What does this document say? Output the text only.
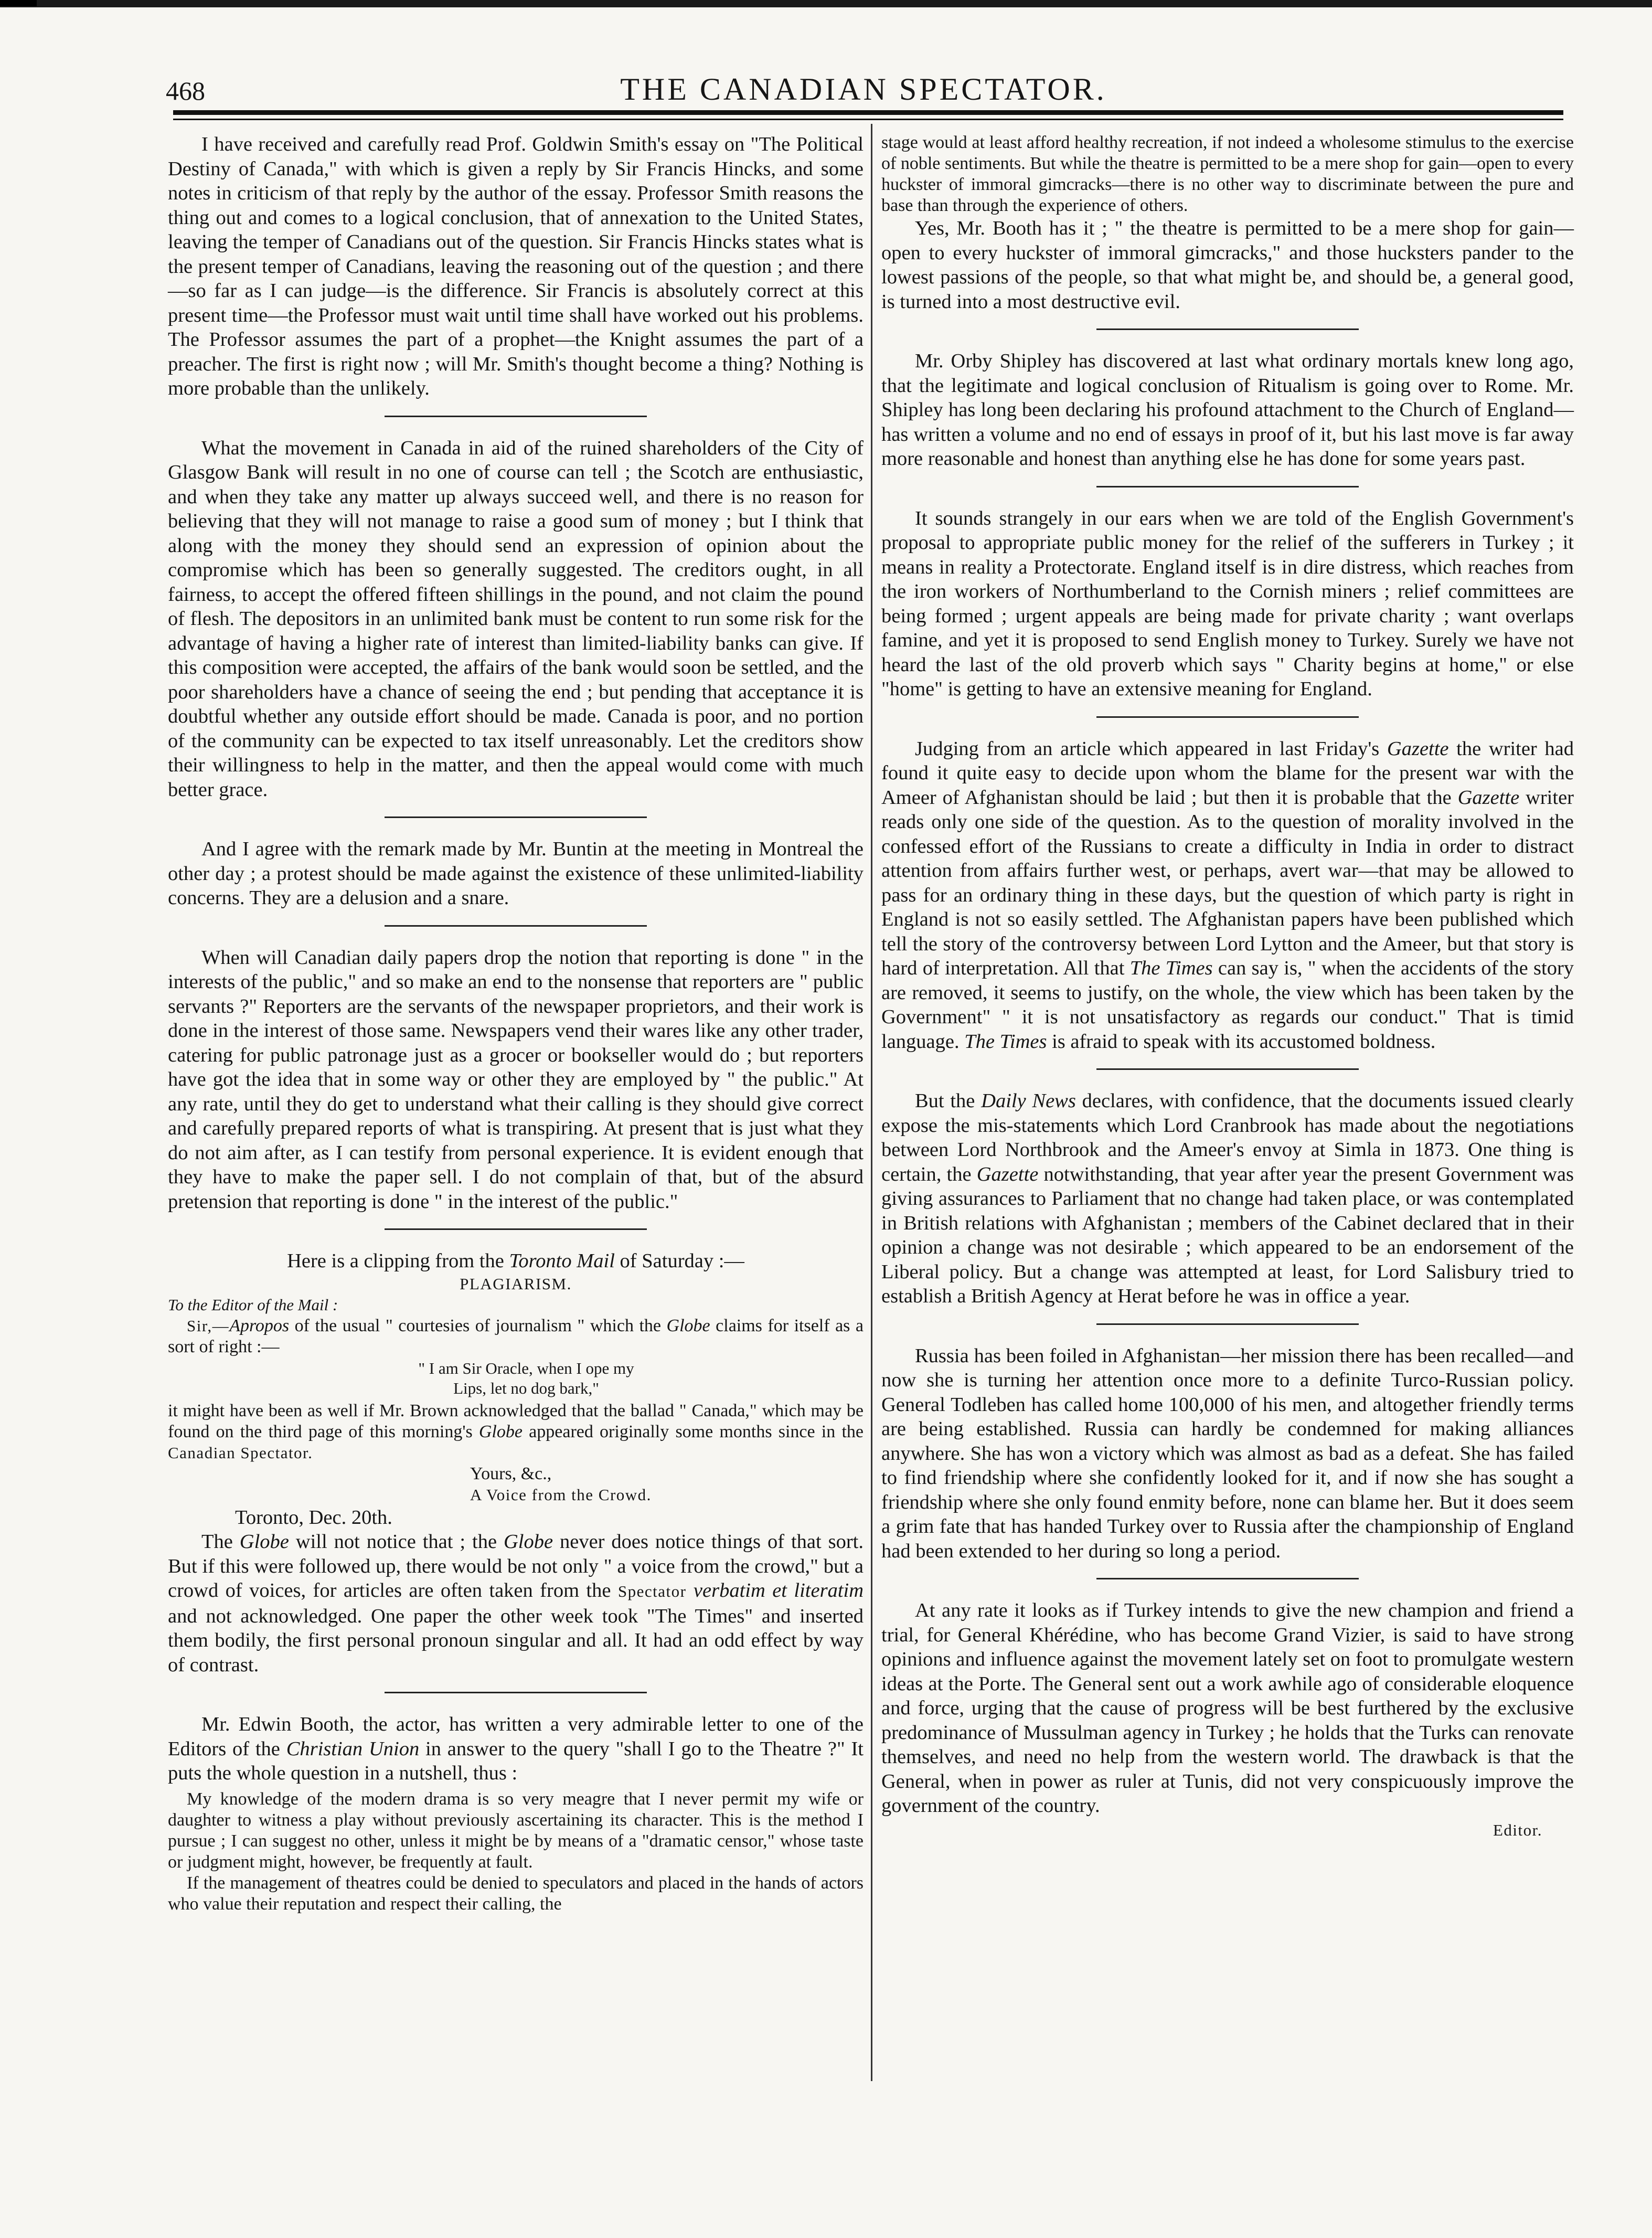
468	THE CANADIAN SPECTATOR.

I have received and carefully read Prof. Goldwin Smith's essay on "The Political Destiny of Canada," with which is given a reply by Sir Francis Hincks, and some notes in criticism of that reply by the author of the essay. Professor Smith reasons the thing out and comes to a logical conclusion, that of annexation to the United States, leaving the temper of Canadians out of the question. Sir Francis Hincks states what is the present temper of Canadians, leaving the reasoning out of the question ; and there—so far as I can judge—is the difference. Sir Francis is absolutely correct at this present time—the Professor must wait until time shall have worked out his problems. The Professor assumes the part of a prophet—the Knight assumes the part of a preacher. The first is right now ; will Mr. Smith's thought become a thing? Nothing is more probable than the unlikely.

What the movement in Canada in aid of the ruined shareholders of the City of Glasgow Bank will result in no one of course can tell ; the Scotch are enthusiastic, and when they take any matter up always succeed well, and there is no reason for believing that they will not manage to raise a good sum of money ; but I think that along with the money they should send an expression of opinion about the compromise which has been so generally suggested. The creditors ought, in all fairness, to accept the offered fifteen shillings in the pound, and not claim the pound of flesh. The depositors in an unlimited bank must be content to run some risk for the advantage of having a higher rate of interest than limited-liability banks can give. If this composition were accepted, the affairs of the bank would soon be settled, and the poor shareholders have a chance of seeing the end ; but pending that acceptance it is doubtful whether any outside effort should be made. Canada is poor, and no portion of the community can be expected to tax itself unreasonably. Let the creditors show their willingness to help in the matter, and then the appeal would come with much better grace.

And I agree with the remark made by Mr. Buntin at the meeting in Montreal the other day ; a protest should be made against the existence of these unlimited-liability concerns. They are a delusion and a snare.

When will Canadian daily papers drop the notion that reporting is done " in the interests of the public," and so make an end to the nonsense that reporters are " public servants ?" Reporters are the servants of the newspaper proprietors, and their work is done in the interest of those same. Newspapers vend their wares like any other trader, catering for public patronage just as a grocer or bookseller would do ; but reporters have got the idea that in some way or other they are employed by " the public." At any rate, until they do get to understand what their calling is they should give correct and carefully prepared reports of what is transpiring. At present that is just what they do not aim after, as I can testify from personal experience. It is evident enough that they have to make the paper sell. I do not complain of that, but of the absurd pretension that reporting is done " in the interest of the public."

Here is a clipping from the Toronto Mail of Saturday :—

PLAGIARISM.

To the Editor of the Mail :

Sir,—Apropos of the usual " courtesies of journalism " which the Globe claims for itself as a sort of right :—

" I am Sir Oracle, when I ope my
Lips, let no dog bark,"

it might have been as well if Mr. Brown acknowledged that the ballad " Canada," which may be found on the third page of this morning's Globe appeared originally some months since in the Canadian Spectator.

Yours, &c.,

A Voice from the Crowd.

Toronto, Dec. 20th.

The Globe will not notice that ; the Globe never does notice things of that sort. But if this were followed up, there would be not only " a voice from the crowd," but a crowd of voices, for articles are often taken from the Spectator verbatim et literatim and not acknowledged. One paper the other week took "The Times" and inserted them bodily, the first personal pronoun singular and all. It had an odd effect by way of contrast.

Mr. Edwin Booth, the actor, has written a very admirable letter to one of the Editors of the Christian Union in answer to the query "shall I go to the Theatre ?" It puts the whole question in a nutshell, thus :

My knowledge of the modern drama is so very meagre that I never permit my wife or daughter to witness a play without previously ascertaining its character. This is the method I pursue ; I can suggest no other, unless it might be by means of a "dramatic censor," whose taste or judgment might, however, be frequently at fault.

If the management of theatres could be denied to speculators and placed in the hands of actors who value their reputation and respect their calling, the

stage would at least afford healthy recreation, if not indeed a wholesome stimulus to the exercise of noble sentiments. But while the theatre is permitted to be a mere shop for gain—open to every huckster of immoral gimcracks—there is no other way to discriminate between the pure and base than through the experience of others.

Yes, Mr. Booth has it ; " the theatre is permitted to be a mere shop for gain—open to every huckster of immoral gimcracks," and those hucksters pander to the lowest passions of the people, so that what might be, and should be, a general good, is turned into a most destructive evil.

Mr. Orby Shipley has discovered at last what ordinary mortals knew long ago, that the legitimate and logical conclusion of Ritualism is going over to Rome. Mr. Shipley has long been declaring his profound attachment to the Church of England—has written a volume and no end of essays in proof of it, but his last move is far away more reasonable and honest than anything else he has done for some years past.

It sounds strangely in our ears when we are told of the English Government's proposal to appropriate public money for the relief of the sufferers in Turkey ; it means in reality a Protectorate. England itself is in dire distress, which reaches from the iron workers of Northumberland to the Cornish miners ; relief committees are being formed ; urgent appeals are being made for private charity ; want overlaps famine, and yet it is proposed to send English money to Turkey. Surely we have not heard the last of the old proverb which says " Charity begins at home," or else "home" is getting to have an extensive meaning for England.

Judging from an article which appeared in last Friday's Gazette the writer had found it quite easy to decide upon whom the blame for the present war with the Ameer of Afghanistan should be laid ; but then it is probable that the Gazette writer reads only one side of the question. As to the question of morality involved in the confessed effort of the Russians to create a difficulty in India in order to distract attention from affairs further west, or perhaps, avert war—that may be allowed to pass for an ordinary thing in these days, but the question of which party is right in England is not so easily settled. The Afghanistan papers have been published which tell the story of the controversy between Lord Lytton and the Ameer, but that story is hard of interpretation. All that The Times can say is, " when the accidents of the story are removed, it seems to justify, on the whole, the view which has been taken by the Government" " it is not unsatisfactory as regards our conduct." That is timid language. The Times is afraid to speak with its accustomed boldness.

But the Daily News declares, with confidence, that the documents issued clearly expose the mis-statements which Lord Cranbrook has made about the negotiations between Lord Northbrook and the Ameer's envoy at Simla in 1873. One thing is certain, the Gazette notwithstanding, that year after year the present Government was giving assurances to Parliament that no change had taken place, or was contemplated in British relations with Afghanistan ; members of the Cabinet declared that in their opinion a change was not desirable ; which appeared to be an endorsement of the Liberal policy. But a change was attempted at least, for Lord Salisbury tried to establish a British Agency at Herat before he was in office a year.

Russia has been foiled in Afghanistan—her mission there has been recalled—and now she is turning her attention once more to a definite Turco-Russian policy. General Todleben has called home 100,000 of his men, and altogether friendly terms are being established. Russia can hardly be condemned for making alliances anywhere. She has won a victory which was almost as bad as a defeat. She has failed to find friendship where she confidently looked for it, and if now she has sought a friendship where she only found enmity before, none can blame her. But it does seem a grim fate that has handed Turkey over to Russia after the championship of England had been extended to her during so long a period.

At any rate it looks as if Turkey intends to give the new champion and friend a trial, for General Khérédine, who has become Grand Vizier, is said to have strong opinions and influence against the movement lately set on foot to promulgate western ideas at the Porte. The General sent out a work awhile ago of considerable eloquence and force, urging that the cause of progress will be best furthered by the exclusive predominance of Mussulman agency in Turkey ; he holds that the Turks can renovate themselves, and need no help from the western world. The drawback is that the General, when in power as ruler at Tunis, did not very conspicuously improve the government of the country.

Editor.
